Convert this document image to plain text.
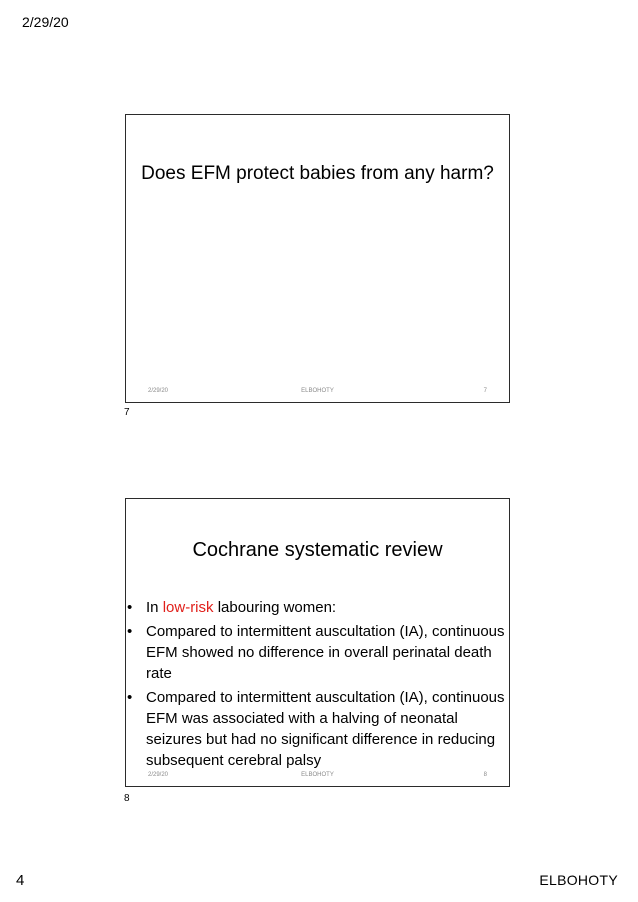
2/29/20
Does EFM protect babies from any harm?
2/29/20	ELBOHOTY	7
7
Cochrane systematic review
• In low-risk labouring women:
• Compared to intermittent auscultation (IA), continuous EFM showed no difference in overall perinatal death rate
• Compared to intermittent auscultation (IA), continuous EFM was associated with a halving of neonatal seizures but had no significant difference in reducing subsequent cerebral palsy
2/29/20	ELBOHOTY	8
8
4	ELBOHOTY
